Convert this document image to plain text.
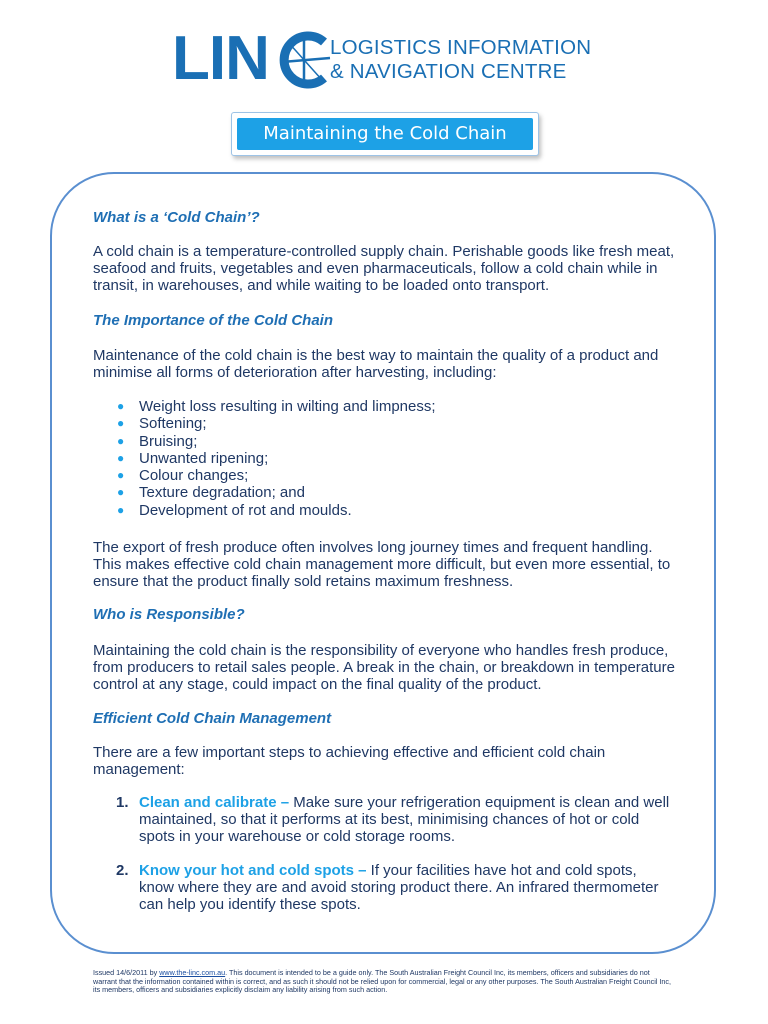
LIN	LOGISTICS INFORMATION
& NAVIGATION CENTRE
Maintaining the Cold Chain
What is a ‘Cold Chain’?

A cold chain is a temperature-controlled supply chain. Perishable goods like fresh meat, seafood and fruits, vegetables and even pharmaceuticals, follow a cold chain while in transit, in warehouses, and while waiting to be loaded onto transport.

The Importance of the Cold Chain

Maintenance of the cold chain is the best way to maintain the quality of a product and minimise all forms of deterioration after harvesting, including:

● Weight loss resulting in wilting and limpness;
● Softening;
● Bruising;
● Unwanted ripening;
● Colour changes;
● Texture degradation; and
● Development of rot and moulds.

The export of fresh produce often involves long journey times and frequent handling. This makes effective cold chain management more difficult, but even more essential, to ensure that the product finally sold retains maximum freshness.

Who is Responsible?

Maintaining the cold chain is the responsibility of everyone who handles fresh produce, from producers to retail sales people. A break in the chain, or breakdown in temperature control at any stage, could impact on the final quality of the product.

Efficient Cold Chain Management

There are a few important steps to achieving effective and efficient cold chain management:

1. Clean and calibrate – Make sure your refrigeration equipment is clean and well maintained, so that it performs at its best, minimising chances of hot or cold spots in your warehouse or cold storage rooms.
2. Know your hot and cold spots – If your facilities have hot and cold spots, know where they are and avoid storing product there. An infrared thermometer can help you identify these spots.
Issued 14/6/2011 by www.the-linc.com.au. This document is intended to be a guide only. The South Australian Freight Council Inc, its members, officers and subsidiaries do not warrant that the information contained within is correct, and as such it should not be relied upon for commercial, legal or any other purposes. The South Australian Freight Council Inc, its members, officers and subsidiaries explicitly disclaim any liability arising from such action.
